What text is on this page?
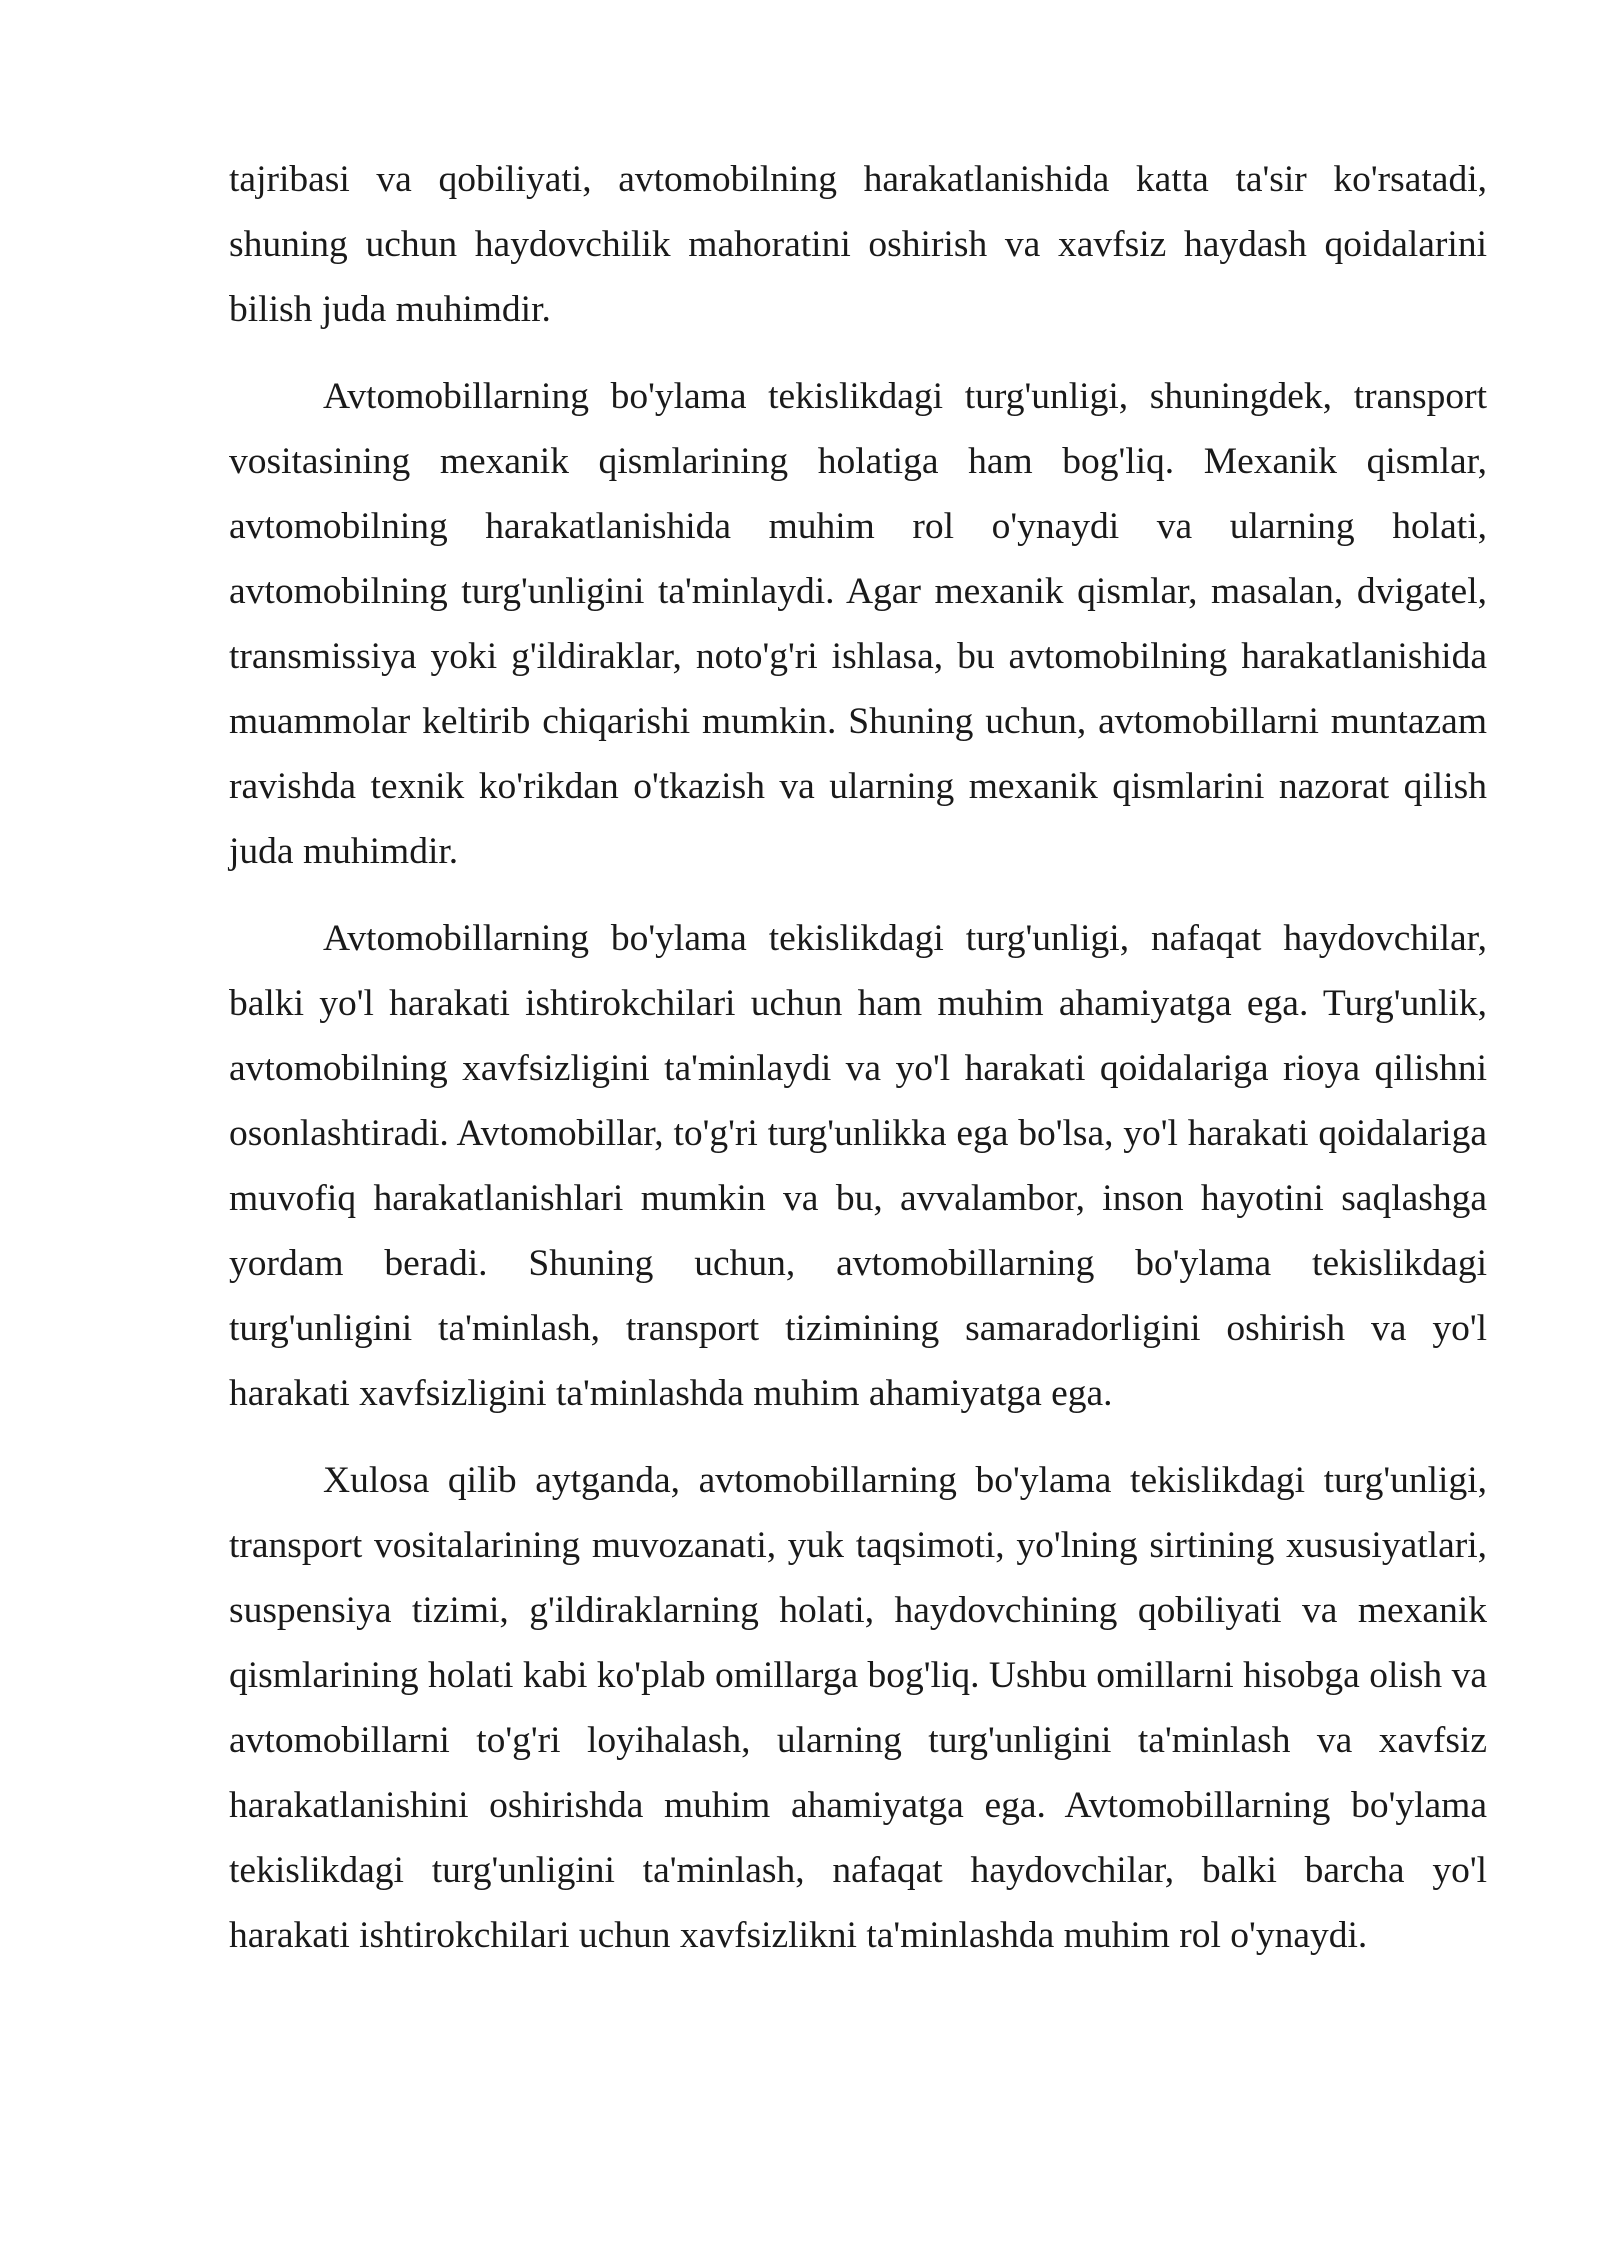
tajribasi va qobiliyati, avtomobilning harakatlanishida katta ta'sir ko'rsatadi, shuning uchun haydovchilik mahoratini oshirish va xavfsiz haydash qoidalarini bilish juda muhimdir.

Avtomobillarning bo'ylama tekislikdagi turg'unligi, shuningdek, transport vositasining mexanik qismlarining holatiga ham bog'liq. Mexanik qismlar, avtomobilning harakatlanishida muhim rol o'ynaydi va ularning holati, avtomobilning turg'unligini ta'minlaydi. Agar mexanik qismlar, masalan, dvigatel, transmissiya yoki g'ildiraklar, noto'g'ri ishlasa, bu avtomobilning harakatlanishida muammolar keltirib chiqarishi mumkin. Shuning uchun, avtomobillarni muntazam ravishda texnik ko'rikdan o'tkazish va ularning mexanik qismlarini nazorat qilish juda muhimdir.

Avtomobillarning bo'ylama tekislikdagi turg'unligi, nafaqat haydovchilar, balki yo'l harakati ishtirokchilari uchun ham muhim ahamiyatga ega. Turg'unlik, avtomobilning xavfsizligini ta'minlaydi va yo'l harakati qoidalariga rioya qilishni osonlashtiradi. Avtomobillar, to'g'ri turg'unlikka ega bo'lsa, yo'l harakati qoidalariga muvofiq harakatlanishlari mumkin va bu, avvalambor, inson hayotini saqlashga yordam beradi. Shuning uchun, avtomobillarning bo'ylama tekislikdagi turg'unligini ta'minlash, transport tizimining samaradorligini oshirish va yo'l harakati xavfsizligini ta'minlashda muhim ahamiyatga ega.

Xulosa qilib aytganda, avtomobillarning bo'ylama tekislikdagi turg'unligi, transport vositalarining muvozanati, yuk taqsimoti, yo'lning sirtining xususiyatlari, suspensiya tizimi, g'ildiraklarning holati, haydovchining qobiliyati va mexanik qismlarining holati kabi ko'plab omillarga bog'liq. Ushbu omillarni hisobga olish va avtomobillarni to'g'ri loyihalash, ularning turg'unligini ta'minlash va xavfsiz harakatlanishini oshirishda muhim ahamiyatga ega. Avtomobillarning bo'ylama tekislikdagi turg'unligini ta'minlash, nafaqat haydovchilar, balki barcha yo'l harakati ishtirokchilari uchun xavfsizlikni ta'minlashda muhim rol o'ynaydi.
